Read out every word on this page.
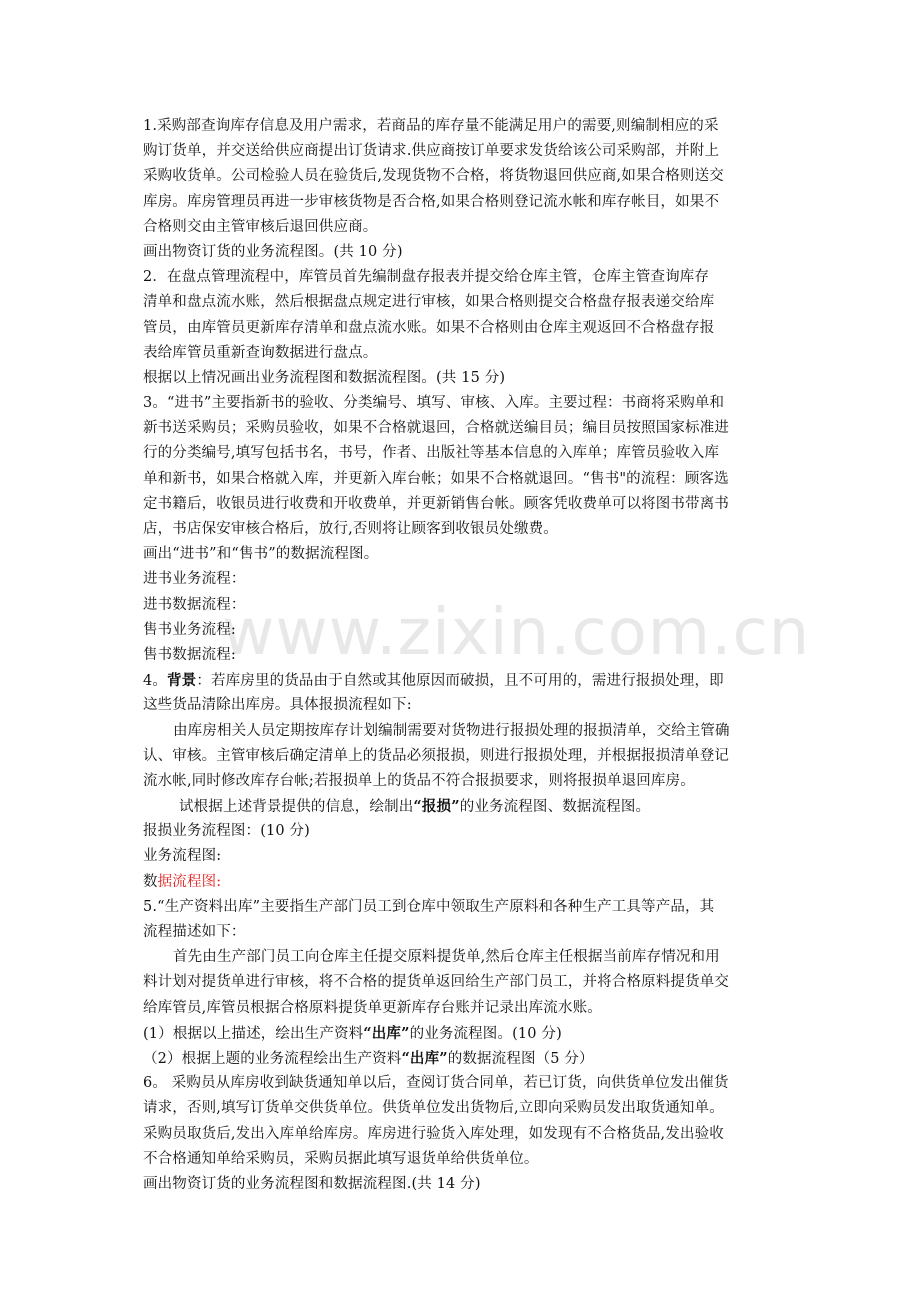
www.zixin.com.cn
1.采购部查询库存信息及用户需求，若商品的库存量不能满足用户的需要,则编制相应的采
购订货单，并交送给供应商提出订货请求.供应商按订单要求发货给该公司采购部，并附上
采购收货单。公司检验人员在验货后,发现货物不合格，将货物退回供应商,如果合格则送交
库房。库房管理员再进一步审核货物是否合格,如果合格则登记流水帐和库存帐目，如果不
合格则交由主管审核后退回供应商。
画出物资订货的业务流程图。(共 10 分)
2．在盘点管理流程中，库管员首先编制盘存报表并提交给仓库主管，仓库主管查询库存
清单和盘点流水账，然后根据盘点规定进行审核，如果合格则提交合格盘存报表递交给库
管员，由库管员更新库存清单和盘点流水账。如果不合格则由仓库主观返回不合格盘存报
表给库管员重新查询数据进行盘点。
根据以上情况画出业务流程图和数据流程图。(共 15 分)
3。“进书”主要指新书的验收、分类编号、填写、审核、入库。主要过程：书商将采购单和
新书送采购员；采购员验收，如果不合格就退回，合格就送编目员；编目员按照国家标准进
行的分类编号,填写包括书名，书号，作者、出版社等基本信息的入库单；库管员验收入库
单和新书，如果合格就入库，并更新入库台帐；如果不合格就退回。“售书"的流程：顾客选
定书籍后，收银员进行收费和开收费单，并更新销售台帐。顾客凭收费单可以将图书带离书
店，书店保安审核合格后，放行,否则将让顾客到收银员处缴费。
画出“进书”和“售书”的数据流程图。
进书业务流程：
进书数据流程：
售书业务流程:
售书数据流程:
4。背景：若库房里的货品由于自然或其他原因而破损，且不可用的，需进行报损处理，即
这些货品清除出库房。具体报损流程如下:
由库房相关人员定期按库存计划编制需要对货物进行报损处理的报损清单，交给主管确
认、审核。主管审核后确定清单上的货品必须报损，则进行报损处理，并根据报损清单登记
流水帐,同时修改库存台帐;若报损单上的货品不符合报损要求，则将报损单退回库房。
试根据上述背景提供的信息，绘制出“报损”的业务流程图、数据流程图。
报损业务流程图：(10 分)
业务流程图:
数据流程图:
5.“生产资料出库”主要指生产部门员工到仓库中领取生产原料和各种生产工具等产品，其
流程描述如下：
首先由生产部门员工向仓库主任提交原料提货单,然后仓库主任根据当前库存情况和用
料计划对提货单进行审核，将不合格的提货单返回给生产部门员工，并将合格原料提货单交
给库管员,库管员根据合格原料提货单更新库存台账并记录出库流水账。
(1）根据以上描述，绘出生产资料“出库”的业务流程图。(10 分)
（2）根据上题的业务流程绘出生产资料“出库”的数据流程图（5 分）
6。 采购员从库房收到缺货通知单以后，查阅订货合同单，若已订货，向供货单位发出催货
请求，否则,填写订货单交供货单位。供货单位发出货物后,立即向采购员发出取货通知单。
采购员取货后,发出入库单给库房。库房进行验货入库处理，如发现有不合格货品,发出验收
不合格通知单给采购员，采购员据此填写退货单给供货单位。
画出物资订货的业务流程图和数据流程图.(共 14 分)
